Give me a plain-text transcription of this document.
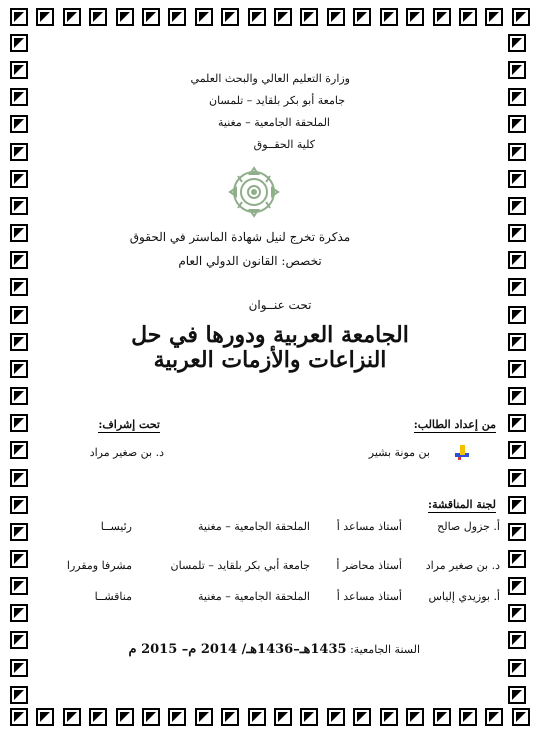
وزارة التعليم العالي والبحث العلمي
جامعة أبو بكر بلقايد – تلمسان
الملحقة الجامعية – مغنية
كلية الحقــوق
مذكرة تخرج لنيل شهادة الماستر في الحقوق
تخصص: القانون الدولي العام
تحت عنــوان
الجامعة العربية ودورها في حل
النزاعات والأزمات العربية
من إعداد الطالب:
بن مونة بشير
تحت إشراف:
د. بن صغير مراد
لجنة المناقشة:
أ. جزول صالح
أستاذ مساعد أ
الملحقة الجامعية – مغنية
رئيســا
د. بن صغير مراد
أستاذ محاضر أ
جامعة أبي بكر بلقايد – تلمسان
مشرفا ومقررا
أ. بوزيدي إلياس
أستاذ مساعد أ
الملحقة الجامعية – مغنية
مناقشــا
السنة الجامعية: 1435هـ–1436هـ/ 2014 م– 2015 م
